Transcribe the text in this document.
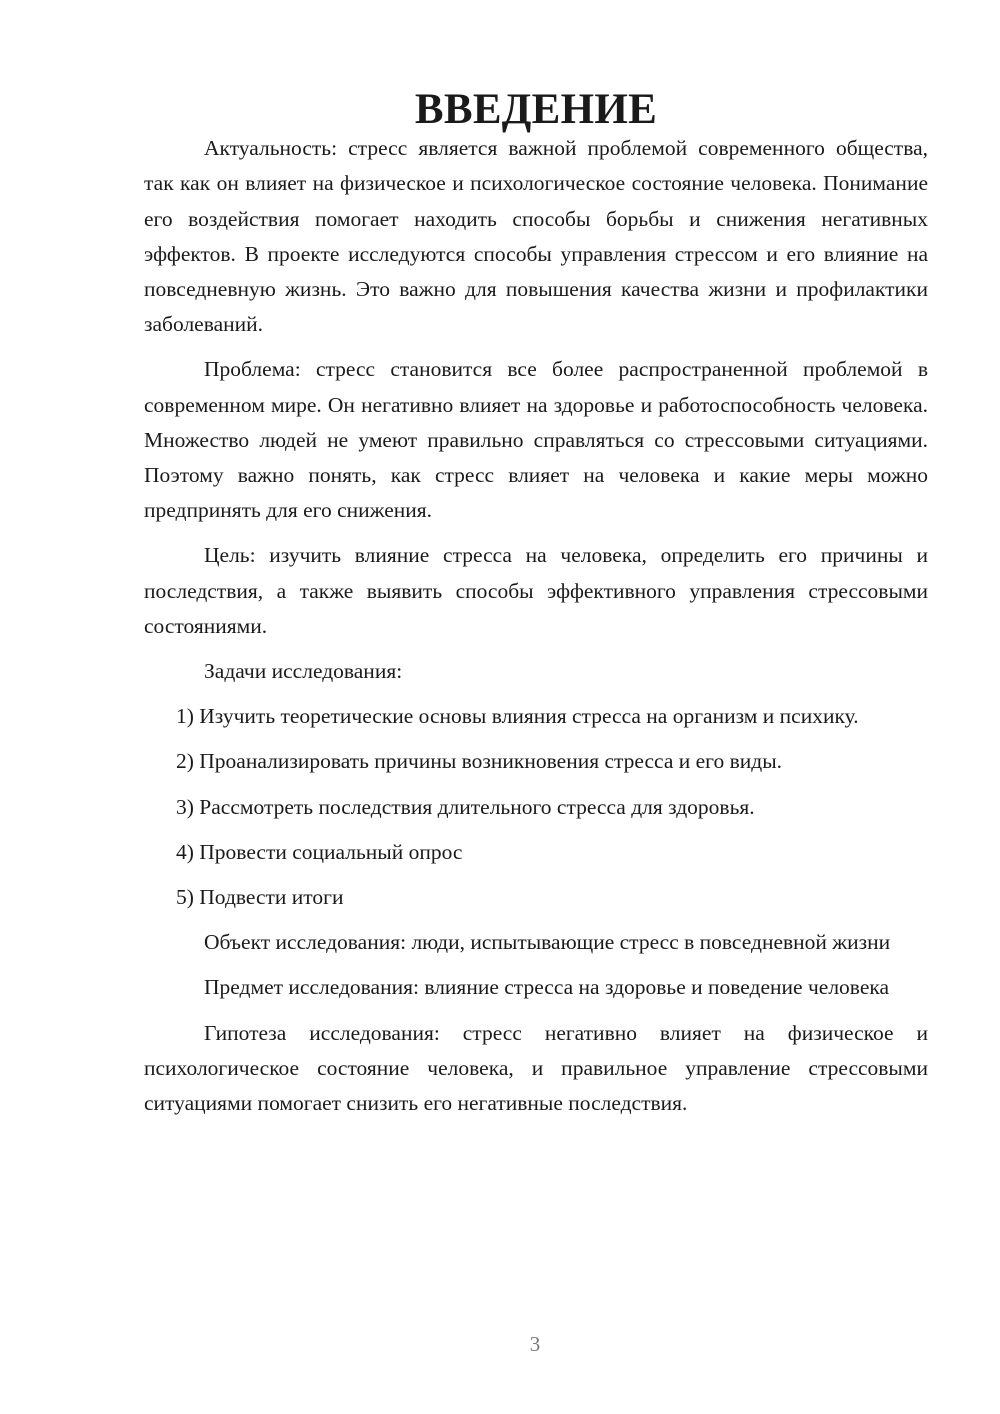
ВВЕДЕНИЕ

Актуальность: стресс является важной проблемой современного общества, так как он влияет на физическое и психологическое состояние человека. Понимание его воздействия помогает находить способы борьбы и снижения негативных эффектов. В проекте исследуются способы управления стрессом и его влияние на повседневную жизнь. Это важно для повышения качества жизни и профилактики заболеваний.

Проблема: стресс становится все более распространенной проблемой в современном мире. Он негативно влияет на здоровье и работоспособность человека. Множество людей не умеют правильно справляться со стрессовыми ситуациями. Поэтому важно понять, как стресс влияет на человека и какие меры можно предпринять для его снижения.

Цель: изучить влияние стресса на человека, определить его причины и последствия, а также выявить способы эффективного управления стрессовыми состояниями.

Задачи исследования:

1) Изучить теоретические основы влияния стресса на организм и психику.
2) Проанализировать причины возникновения стресса и его виды.
3) Рассмотреть последствия длительного стресса для здоровья.
4) Провести социальный опрос
5) Подвести итоги

Объект исследования: люди, испытывающие стресс в повседневной жизни

Предмет исследования: влияние стресса на здоровье и поведение человека

Гипотеза исследования: стресс негативно влияет на физическое и психологическое состояние человека, и правильное управление стрессовыми ситуациями помогает снизить его негативные последствия.

3
